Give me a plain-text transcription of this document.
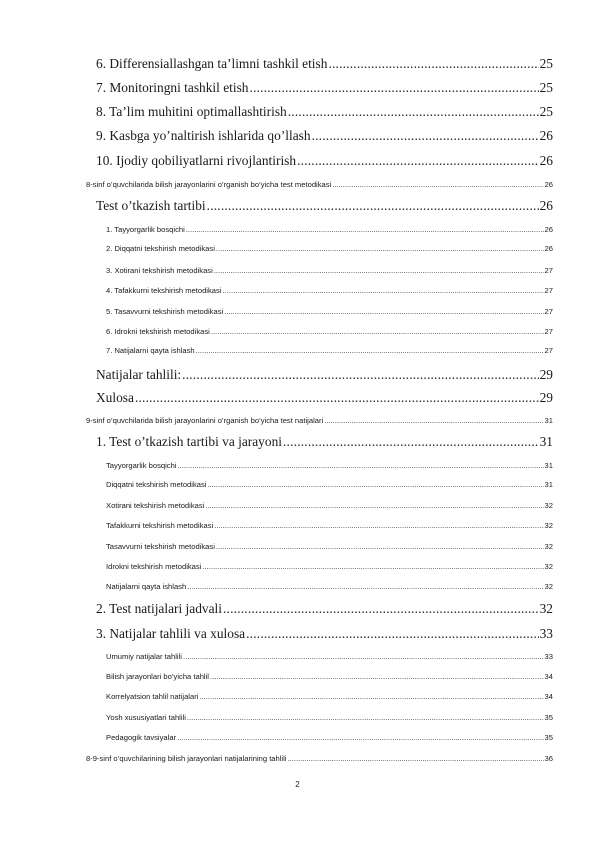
6. Differensiallashgan ta’limni tashkil etish .....	25
7. Monitoringni tashkil etish .....	25
8. Ta’lim muhitini optimallashtirish .....	25
9. Kasbga yo’naltirish ishlarida qo’llash .....	26
10. Ijodiy qobiliyatlarni rivojlantirish .....	26
8-sinf o’quvchilarida bilish jarayonlarini o’rganish bo’yicha test metodikasi .....	26
Test o’tkazish tartibi .....	26
1. Tayyorgarlik bosqichi .....	26
2. Diqqatni tekshirish metodikasi .....	26
3. Xotirani tekshirish metodikasi .....	27
4. Tafakkurni tekshirish metodikasi .....	27
5. Tasavvurni tekshirish metodikasi .....	27
6. Idrokni tekshirish metodikasi .....	27
7. Natijalarni qayta ishlash .....	27
Natijalar tahlili: .....	29
Xulosa .....	29
9-sinf o’quvchilarida bilish jarayonlarini o’rganish bo’yicha test natijalari .....	31
1. Test o’tkazish tartibi va jarayoni .....	31
Tayyorgarlik bosqichi .....	31
Diqqatni tekshirish metodikasi .....	31
Xotirani tekshirish metodikasi .....	32
Tafakkurni tekshirish metodikasi .....	32
Tasavvurni tekshirish metodikasi .....	32
Idrokni tekshirish metodikasi .....	32
Natijalarni qayta ishlash .....	32
2. Test natijalari jadvali .....	32
3. Natijalar tahlili va xulosa .....	33
Umumiy natijalar tahlili .....	33
Bilish jarayonlari bo’yicha tahlil .....	34
Korrelyatsion tahlil natijalari .....	34
Yosh xususiyatlari tahlili .....	35
Pedagogik tavsiyalar .....	35
8-9-sinf o’quvchilarining bilish jarayonlari natijalarining tahlili .....	36
2
